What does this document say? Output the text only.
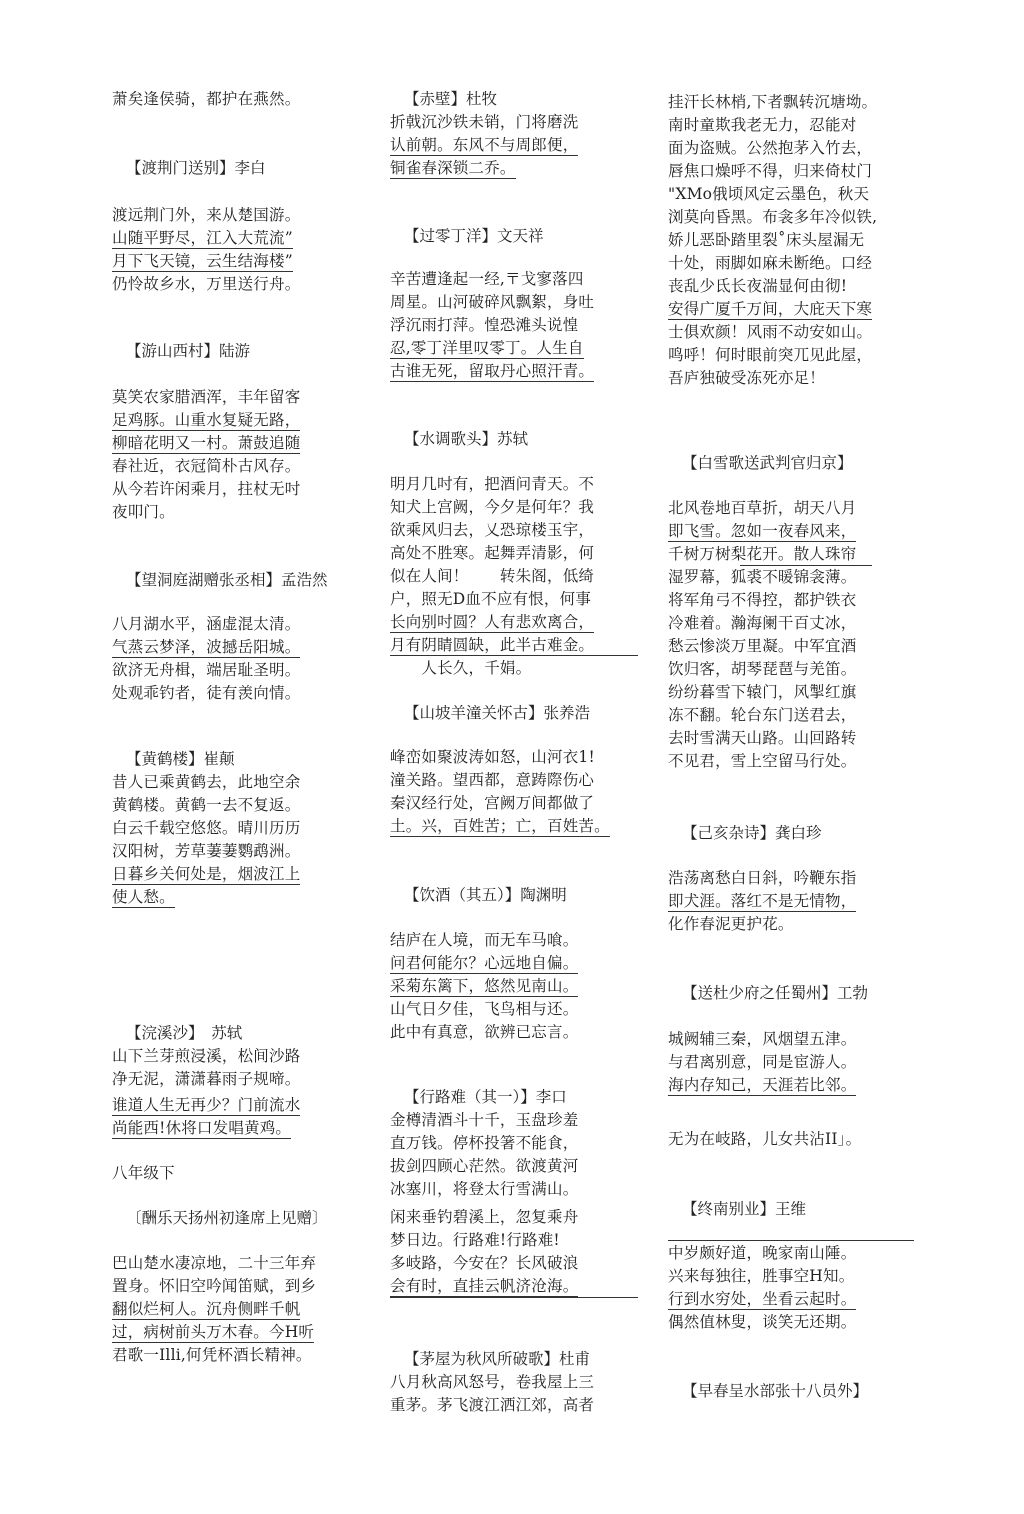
萧矣逢侯骑，都护在燕然。
【渡荆门送别】李白
渡远荆门外，来从楚国游。
山随平野尽，江入大荒流”
月下飞天镜，云生结海楼”
仍怜故乡水，万里送行舟。
【游山西村】陆游
莫笑农家腊酒浑，丰年留客
足鸡豚。山重水复疑无路，
柳暗花明又一村。萧鼓追随
春社近，衣冠简朴古风存。
从今若许闲乘月，拄杖无吋
夜叩门。
【望洞庭湖赠张丞相】孟浩然
八月湖水平，涵虚混太清。
气蒸云梦泽，波撼岳阳城。
欲济无舟楫，端居耻圣明。
处观乖钓者，徒有羡向情。
【黄鹤楼】崔颠
昔人已乘黄鹤去，此地空余
黄鹤楼。黄鹤一去不复返。
白云千载空悠悠。晴川历历
汉阳树，芳草萋萋鹦鹉洲。
日暮乡关何处是，烟波江上
使人愁。
【浣溪沙】　苏轼
山下兰芽煎浸溪，松间沙路
净无泥，潇潇暮雨子规啼。
谁道人生无再少？门前流水
尚能西!休将口发唱黄鸡。
八年级下
〔酬乐天扬州初逢席上见赠〕
巴山楚水凄凉地，二十三年弃
置身。怀旧空吟闻笛赋，到乡
翻似烂柯人。沉舟侧畔千帆
过，病树前头万木春。今H听
君歌一Illi,何凭杯酒长精神。
【赤壁】杜牧
折戟沉沙铁未销，门将磨洗
认前朝。东风不与周郎便，
铜雀春深锁二乔。
【过零丁洋】文天祥
辛苦遭逢起一经,〒戈寥落四
周星。山河破碎风飘絮，身吐
浮沉雨打萍。惶恐滩头说惶
忍,零丁洋里叹零丁。人生自
古谁无死，留取丹心照汗青。
【水调歌头】苏轼
明月几吋有，把酒问青天。不
知犬上宫阙，今夕是何年？我
欲乘风归去，乂恐琼楼玉宇，
高处不胜寒。起舞弄清影，何
似在人间！　　转朱阁，低绮
户，照无D血不应有恨，何事
长向别吋圆？人有悲欢离合，
月有阴睛圆缺，此半古难金。
　　人长久，千娟。
【山坡羊潼关怀古】张养浩
峰峦如聚波涛如怒，山河衣1!
潼关路。望西都，意踌際伤心
秦汉经行处，宫阙万间都做了
土。兴，百姓苦；亡，百姓苦。
【饮酒（其五）】陶渊明
结庐在人境，而无车马喰。
问君何能尔？心远地自偏。
采菊东篱下，悠然见南山。
山气日夕佳，飞鸟相与还。
此中有真意，欲辨已忘言。
【行路难（其一）】李口
金樽清酒斗十千，玉盘珍羞
直万钱。停杯投箸不能食，
拔剑四顾心茫然。欲渡黄河
冰塞川，将登太行雪满山。
闲来垂钓碧溪上，忽复乘舟
梦日边。行路难!行路难!
多岐路，今安在？长风破浪
会有时，直挂云帆济沧海。
【茅屋为秋风所破歌】杜甫
八月秋高风怒号，卷我屋上三
重茅。茅飞渡江洒江郊，高者
挂汗长林梢,下者飘转沉塘坳。
南时童欺我老无力，忍能对
面为盗贼。公然抱茅入竹去，
唇焦口燥呼不得，归来倚杖门
"XMo俄顷风定云墨色，秋天
浏莫向昏黑。布衾多年冷似铁,
娇儿恶卧踏里裂˚床头屋漏无
十处，雨脚如麻未断绝。口经
丧乱少氐长夜湍显何由彻!
安得广厦千万间，大庇天下寒
士俱欢颜！风雨不动安如山。
鸣呼！何时眼前突兀见此屋，
吾庐独破受冻死亦足！
【白雪歌送武判官归京】
北风卷地百草折，胡天八月
即飞雪。忽如一夜春风来，
千树万树梨花开。散人珠帘
湿罗幕，狐裘不暖锦衾薄。
将军角弓不得控，都护铁衣
冷难着。瀚海阑干百丈冰，
愁云惨淡万里凝。中军宜酒
饮归客，胡琴琵琶与羌笛。
纷纷暮雪下辕门，风掣红旗
冻不翻。轮台东门送君去，
去时雪满天山路。山回路转
不见君，雪上空留马行处。
【己亥杂诗】龚白珍
浩荡离愁白日斜，吟鞭东指
即犬涯。落红不是无情物，
化作春泥更护花。
【送杜少府之任蜀州】工勃
城阙辅三秦，风烟望五津。
与君离别意，同是宦游人。
海内存知己，天涯若比邻。
无为在岐路，儿女共沾II」。
【终南别业】王维
中岁颇好道，晚家南山陲。
兴来每独往，胜事空H知。
行到水穷处，坐看云起时。
偶然值林叟，谈笑无还期。
【早春呈水部张十八员外】
